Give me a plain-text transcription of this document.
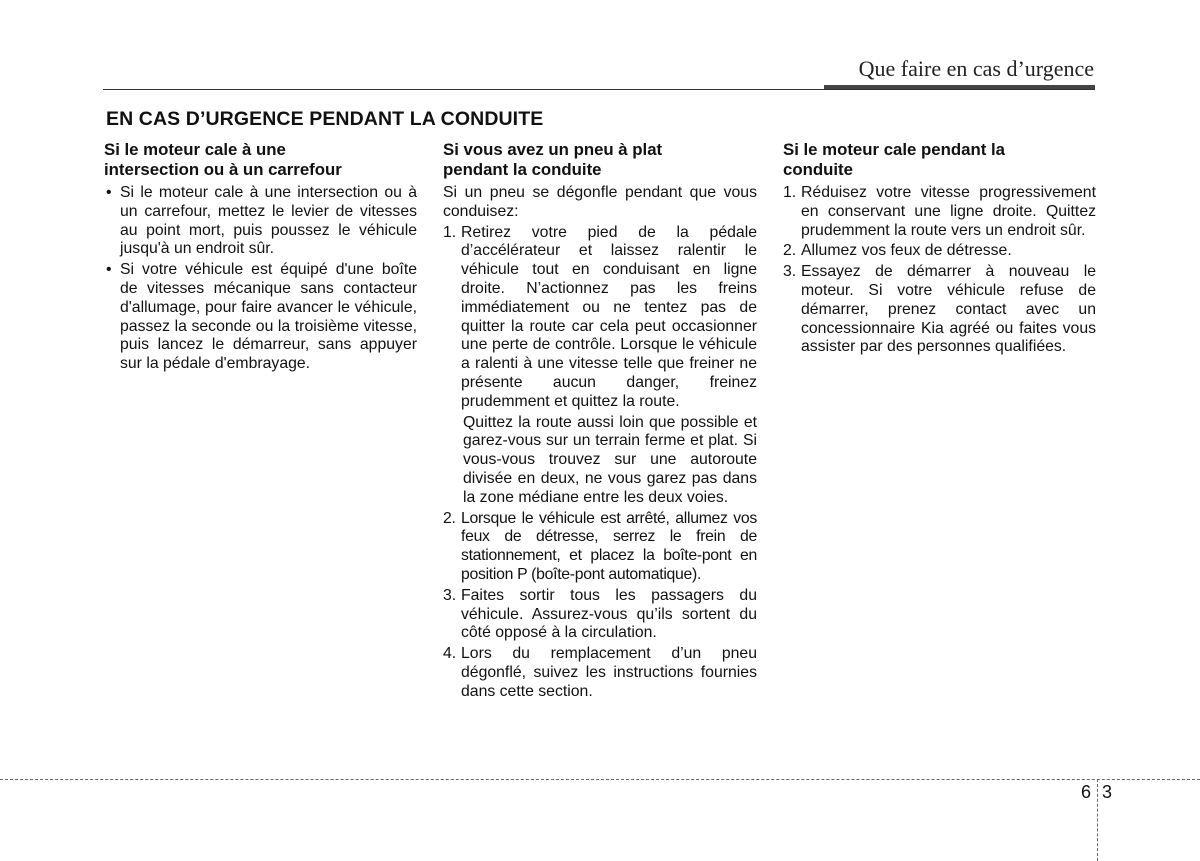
Que faire en cas d’urgence
EN CAS D’URGENCE PENDANT LA CONDUITE

Si le moteur cale à une
intersection ou à un carrefour

• Si le moteur cale à une intersection ou à un carrefour, mettez le levier de vitesses au point mort, puis poussez le véhicule jusqu'à un endroit sûr.
• Si votre véhicule est équipé d'une boîte de vitesses mécanique sans contacteur d'allumage, pour faire avancer le véhicule, passez la seconde ou la troisième vitesse, puis lancez le démarreur, sans appuyer sur la pédale d'embrayage.

Si vous avez un pneu à plat
pendant la conduite

Si un pneu se dégonfle pendant que vous conduisez:

1. Retirez votre pied de la pédale d’accélérateur et laissez ralentir le véhicule tout en conduisant en ligne droite. N’actionnez pas les freins immédiatement ou ne tentez pas de quitter la route car cela peut occasionner une perte de contrôle. Lorsque le véhicule a ralenti à une vitesse telle que freiner ne présente aucun danger, freinez prudemment et quittez la route.

Quittez la route aussi loin que possible et garez-vous sur un terrain ferme et plat. Si vous-vous trouvez sur une autoroute divisée en deux, ne vous garez pas dans la zone médiane entre les deux voies.

2. Lorsque le véhicule est arrêté, allumez vos feux de détresse, serrez le frein de stationnement, et placez la boîte-pont en position P (boîte-pont automatique).
3. Faites sortir tous les passagers du véhicule. Assurez-vous qu’ils sortent du côté opposé à la circulation.
4. Lors du remplacement d’un pneu dégonflé, suivez les instructions fournies dans cette section.

Si le moteur cale pendant la
conduite

1. Réduisez votre vitesse progressivement en conservant une ligne droite. Quittez prudemment la route vers un endroit sûr.
2. Allumez vos feux de détresse.
3. Essayez de démarrer à nouveau le moteur. Si votre véhicule refuse de démarrer, prenez contact avec un concessionnaire Kia agréé ou faites vous assister par des personnes qualifiées.
6 3
